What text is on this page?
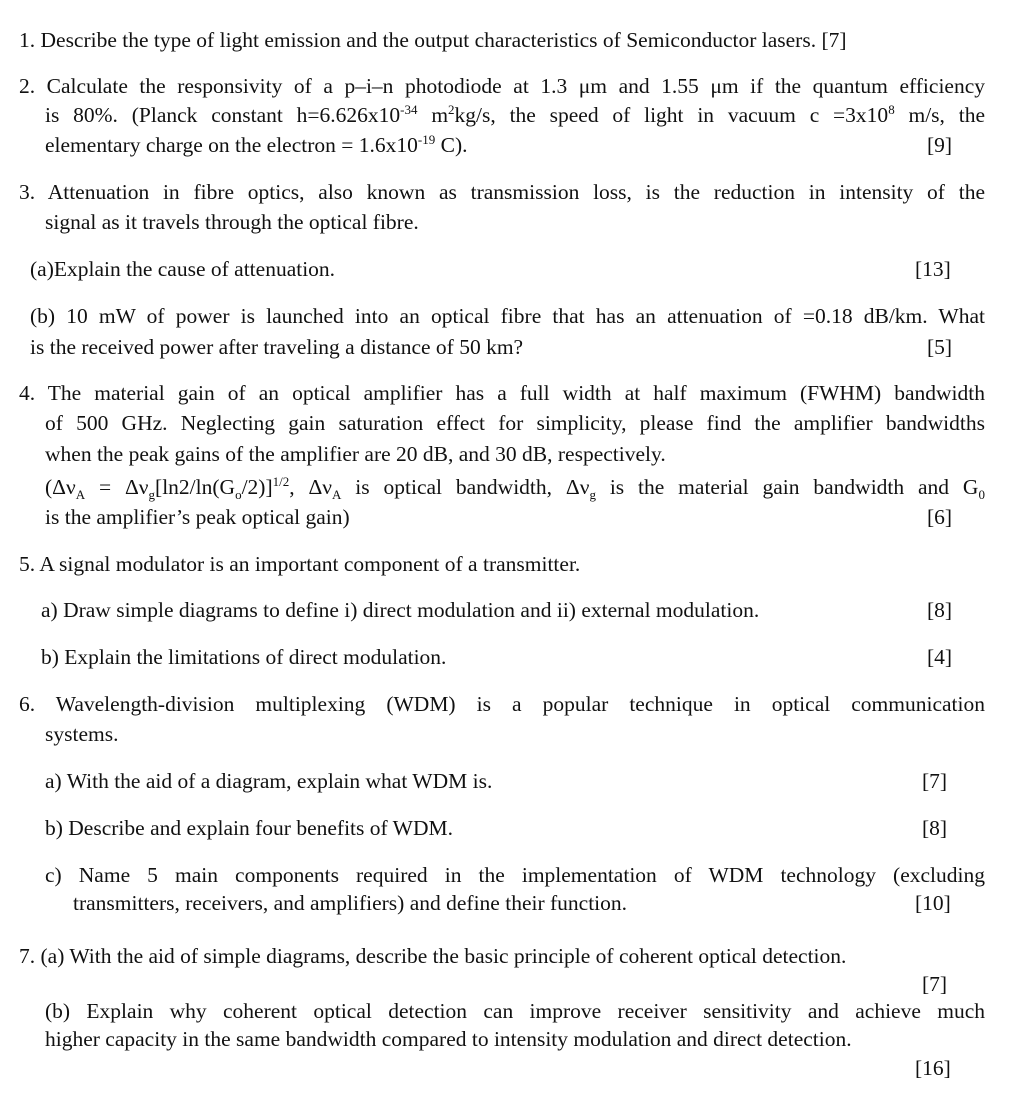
1. Describe the type of light emission and the output characteristics of Semiconductor lasers. [7]
2. Calculate the responsivity of a p–i–n photodiode at 1.3 μm and 1.55 μm if the quantum efficiency
is 80%. (Planck constant $h=6.626x10^{-34}$ $m^2kg/s$, the speed of light in vacuum $c =3x10^8$ m/s, the
elementary charge on the electron = $1.6x10^{-19}$ C).	[9]
3. Attenuation in fibre optics, also known as transmission loss, is the reduction in intensity of the
signal as it travels through the optical fibre.
(a)Explain the cause of attenuation.	[13]
(b) 10 mW of power is launched into an optical fibre that has an attenuation of =0.18 dB/km. What
is the received power after traveling a distance of 50 km?	[5]
4. The material gain of an optical amplifier has a full width at half maximum (FWHM) bandwidth
of 500 GHz. Neglecting gain saturation effect for simplicity, please find the amplifier bandwidths
when the peak gains of the amplifier are 20 dB, and 30 dB, respectively.
($\Delta\nu_A = \Delta\nu_g[\ln 2/\ln(G_o/2)]^{1/2}$, $\Delta\nu_A$ is optical bandwidth, $\Delta\nu_g$ is the material gain bandwidth and $G_0$
is the amplifier’s peak optical gain)	[6]
5. A signal modulator is an important component of a transmitter.
a) Draw simple diagrams to define i) direct modulation and ii) external modulation.	[8]
b) Explain the limitations of direct modulation.	[4]
6. Wavelength-division multiplexing (WDM) is a popular technique in optical communication
systems.
a) With the aid of a diagram, explain what WDM is.	[7]
b) Describe and explain four benefits of WDM.	[8]
c) Name 5 main components required in the implementation of WDM technology (excluding
transmitters, receivers, and amplifiers) and define their function.	[10]
7. (a) With the aid of simple diagrams, describe the basic principle of coherent optical detection.
[7]
(b) Explain why coherent optical detection can improve receiver sensitivity and achieve much
higher capacity in the same bandwidth compared to intensity modulation and direct detection.
[16]
